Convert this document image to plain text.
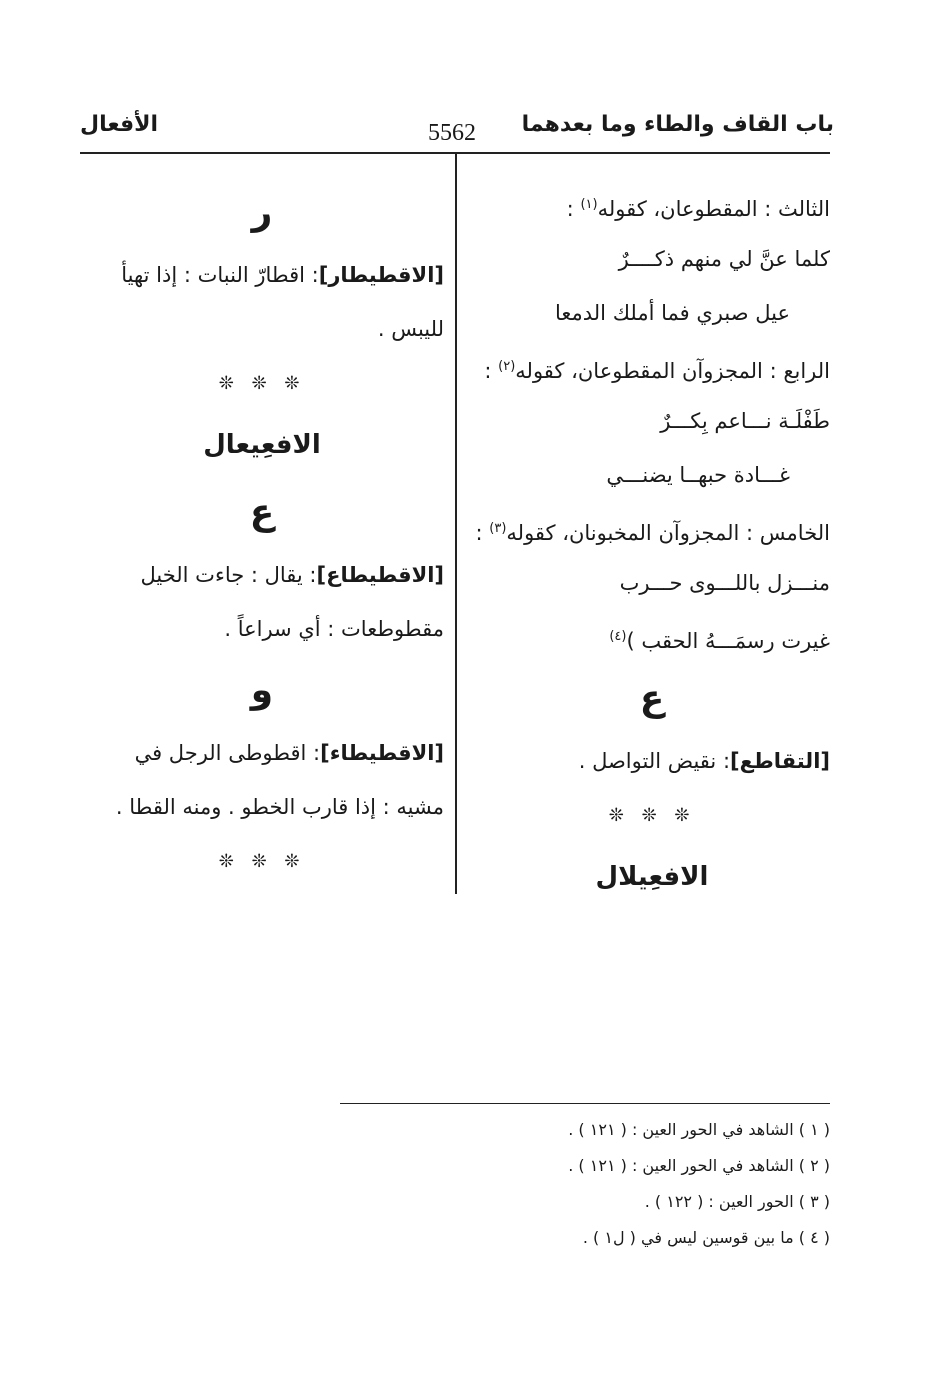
باب القاف والطاء وما بعدهما
5562
الأفعال
الثالث : المقطوعان، كقوله$^{(١)}$ :
كلما عنَّ لي منهم ذكــــرٌ
عيل صبري فما أملك الدمعا
الرابع : المجزوآن المقطوعان، كقوله$^{(٢)}$ :
طَفْلَـة نـــاعم بِكـــرٌ
غـــادة حبهــا يضنـــي
الخامس : المجزوآن المخبونان، كقوله$^{(٣)}$ :
منـــزل باللـــوى حـــرب
غيرت رسمَـــهُ الحقب )$^{(٤)}$
ع
[التقاطع]: نقيض التواصل .
❊ ❊ ❊
الافعِيلال
ر
[الاقطيطار]: اقطارّ النبات : إذا تهيأ
لليبس .
❊ ❊ ❊
الافعِيعال
ع
[الاقطيطاع]: يقال : جاءت الخيل
مقطوطعات : أي سراعاً .
و
[الاقطيطاء]: اقطوطى الرجل في
مشيه : إذا قارب الخطو . ومنه القطا .
❊ ❊ ❊
( ١ ) الشاهد في الحور العين : ( ١٢١ ) .
( ٢ ) الشاهد في الحور العين : ( ١٢١ ) .
( ٣ ) الحور العين : ( ١٢٢ ) .
( ٤ ) ما بين قوسين ليس في ( ل١ ) .
